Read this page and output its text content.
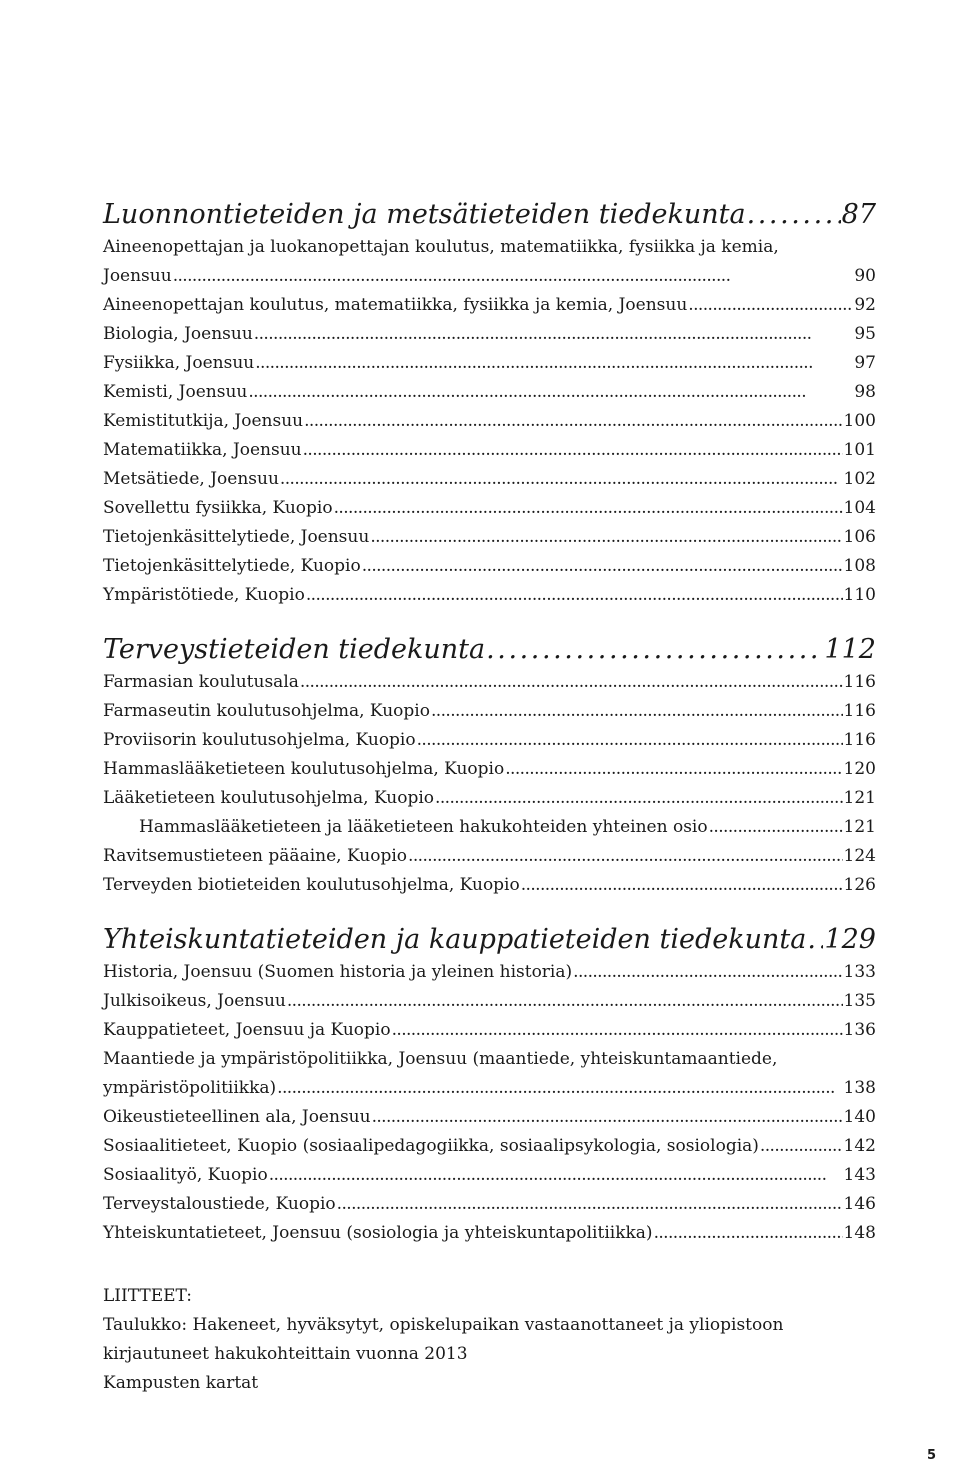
Luonnontieteiden ja metsätieteiden tiedekunta . . .	87
Aineenopettajan ja luokanopettajan koulutus, matematiikka, fysiikka ja kemia,
Joensuu . . .	90
Aineenopettajan koulutus, matematiikka, fysiikka ja kemia, Joensuu . . .	92
Biologia, Joensuu . . .	95
Fysiikka, Joensuu . . .	97
Kemisti, Joensuu . . .	98
Kemistitutkija, Joensuu . . .	100
Matematiikka, Joensuu . . .	101
Metsätiede, Joensuu . . .	102
Sovellettu fysiikka, Kuopio . . .	104
Tietojenkäsittelytiede, Joensuu . . .	106
Tietojenkäsittelytiede, Kuopio . . .	108
Ympäristötiede, Kuopio . . .	110
Terveystieteiden tiedekunta . . .	112
Farmasian koulutusala . . .	116
Farmaseutin koulutusohjelma, Kuopio . . .	116
Proviisorin koulutusohjelma, Kuopio . . .	116
Hammaslääketieteen koulutusohjelma, Kuopio . . .	120
Lääketieteen koulutusohjelma, Kuopio . . .	121
Hammaslääketieteen ja lääketieteen hakukohteiden yhteinen osio . . .	121
Ravitsemustieteen pääaine, Kuopio . . .	124
Terveyden biotieteiden koulutusohjelma, Kuopio . . .	126
Yhteiskuntatieteiden ja kauppatieteiden tiedekunta . . . 129
Historia, Joensuu (Suomen historia ja yleinen historia) . . .	133
Julkisoikeus, Joensuu . . .	135
Kauppatieteet, Joensuu ja Kuopio . . .	136
Maantiede ja ympäristöpolitiikka, Joensuu (maantiede, yhteiskuntamaantiede,
ympäristöpolitiikka) . . .	138
Oikeustieteellinen ala, Joensuu . . .	140
Sosiaalitieteet, Kuopio (sosiaalipedagogiikka, sosiaalipsykologia, sosiologia) . . .	142
Sosiaalityö, Kuopio . . .	143
Terveystaloustiede, Kuopio . . .	146
Yhteiskuntatieteet, Joensuu (sosiologia ja yhteiskuntapolitiikka) . . .	148
LIITTEET:
Taulukko: Hakeneet, hyväksytyt, opiskelupaikan vastaanottaneet ja yliopistoon
kirjautuneet hakukohteittain vuonna 2013
Kampusten kartat
5
